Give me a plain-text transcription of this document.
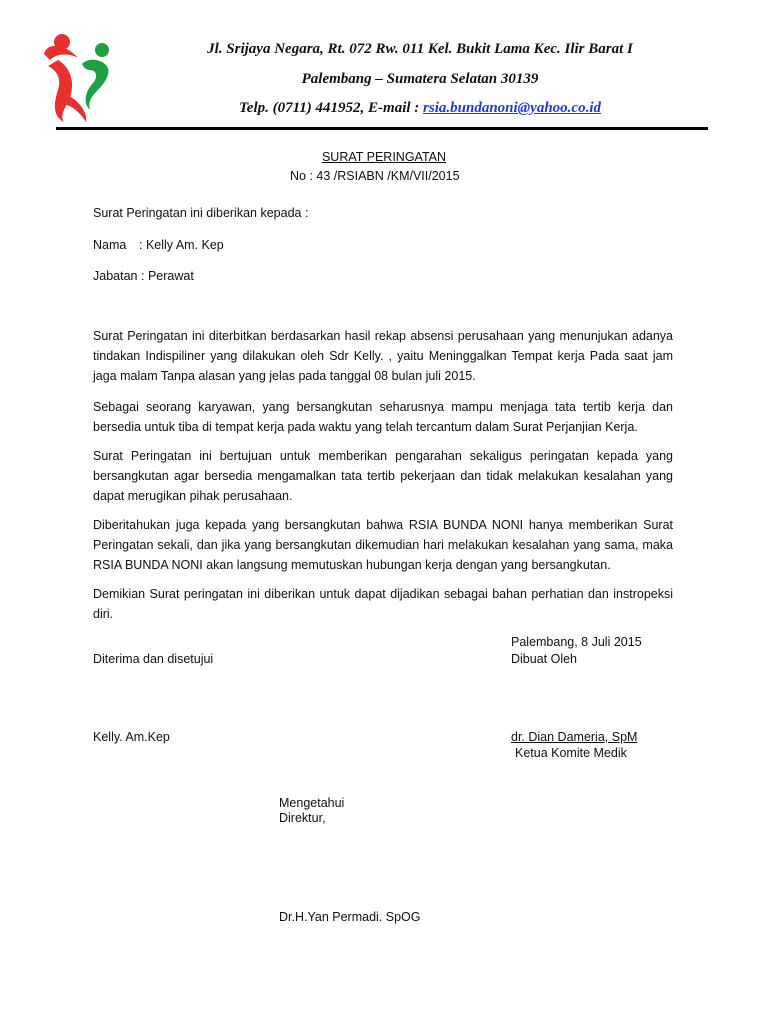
Jl. Srijaya Negara, Rt. 072 Rw. 011 Kel. Bukit Lama Kec. Ilir Barat I
Palembang – Sumatera Selatan 30139
Telp. (0711) 441952, E-mail : rsia.bundanoni@yahoo.co.id
SURAT PERINGATAN
No : 43 /RSIABN /KM/VII/2015
Surat Peringatan ini diberikan kepada :
Nama : Kelly Am. Kep
Jabatan : Perawat

Surat Peringatan ini diterbitkan berdasarkan hasil rekap absensi perusahaan yang menunjukan adanya tindakan Indispiliner yang dilakukan oleh Sdr Kelly. , yaitu Meninggalkan Tempat kerja Pada saat jam jaga malam Tanpa alasan yang jelas pada tanggal 08 bulan juli 2015.

Sebagai seorang karyawan, yang bersangkutan seharusnya mampu menjaga tata tertib kerja dan bersedia untuk tiba di tempat kerja pada waktu yang telah tercantum dalam Surat Perjanjian Kerja.

Surat Peringatan ini bertujuan untuk memberikan pengarahan sekaligus peringatan kepada yang bersangkutan agar bersedia mengamalkan tata tertib pekerjaan dan tidak melakukan kesalahan yang dapat merugikan pihak perusahaan.

Diberitahukan juga kepada yang bersangkutan bahwa RSIA BUNDA NONI hanya memberikan Surat Peringatan sekali, dan jika yang bersangkutan dikemudian hari melakukan kesalahan yang sama, maka RSIA BUNDA NONI akan langsung memutuskan hubungan kerja dengan yang bersangkutan.

Demikian Surat peringatan ini diberikan untuk dapat dijadikan sebagai bahan perhatian dan instropeksi diri.

Palembang, 8 Juli 2015
Diterima dan disetujui	Dibuat Oleh
Kelly. Am.Kep	dr. Dian Dameria, SpM
Ketua Komite Medik
Mengetahui
Direktur,
Dr.H.Yan Permadi. SpOG
